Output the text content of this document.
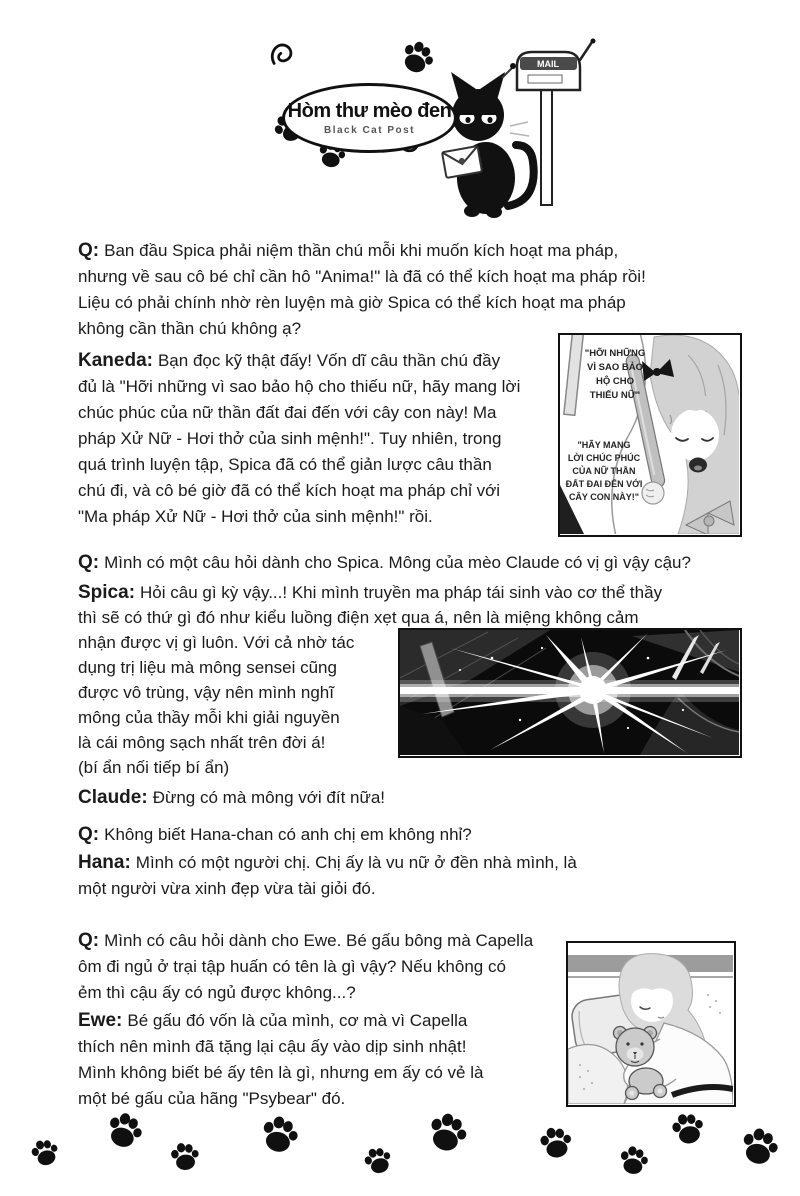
MAIL
Hòm thư mèo đen
Black Cat Post
Q: Ban đầu Spica phải niệm thần chú mỗi khi muốn kích hoạt ma pháp,
nhưng về sau cô bé chỉ cần hô "Anima!" là đã có thể kích hoạt ma pháp rồi!
Liệu có phải chính nhờ rèn luyện mà giờ Spica có thể kích hoạt ma pháp
không cần thần chú không ạ?
Kaneda: Bạn đọc kỹ thật đấy! Vốn dĩ câu thần chú đầy
đủ là "Hỡi những vì sao bảo hộ cho thiếu nữ, hãy mang lời
chúc phúc của nữ thần đất đai đến với cây con này! Ma
pháp Xử Nữ - Hơi thở của sinh mệnh!". Tuy nhiên, trong
quá trình luyện tập, Spica đã có thể giản lược câu thần
chú đi, và cô bé giờ đã có thể kích hoạt ma pháp chỉ với
"Ma pháp Xử Nữ - Hơi thở của sinh mệnh!" rồi.
"HỠI NHỮNG
VÌ SAO BẢO
HỘ CHO
THIẾU NỮ"
"HÃY MANG
LỜI CHÚC PHÚC
CỦA NỮ THẦN
ĐẤT ĐAI ĐẾN VỚI
CÂY CON NÀY!"
Q: Mình có một câu hỏi dành cho Spica. Mông của mèo Claude có vị gì vậy cậu?
Spica: Hỏi câu gì kỳ vậy...! Khi mình truyền ma pháp tái sinh vào cơ thể thầy
thì sẽ có thứ gì đó như kiểu luồng điện xẹt qua á, nên là miệng không cảm
nhận được vị gì luôn. Với cả nhờ tác
dụng trị liệu mà mông sensei cũng
được vô trùng, vậy nên mình nghĩ
mông của thầy mỗi khi giải nguyền
là cái mông sạch nhất trên đời á!
(bí ẩn nối tiếp bí ẩn)
Claude: Đừng có mà mông với đít nữa!
Q: Không biết Hana-chan có anh chị em không nhỉ?
Hana: Mình có một người chị. Chị ấy là vu nữ ở đền nhà mình, là
một người vừa xinh đẹp vừa tài giỏi đó.
Q: Mình có câu hỏi dành cho Ewe. Bé gấu bông mà Capella
ôm đi ngủ ở trại tập huấn có tên là gì vậy? Nếu không có
ẻm thì cậu ấy có ngủ được không...?
Ewe: Bé gấu đó vốn là của mình, cơ mà vì Capella
thích nên mình đã tặng lại cậu ấy vào dịp sinh nhật!
Mình không biết bé ấy tên là gì, nhưng em ấy có vẻ là
một bé gấu của hãng "Psybear" đó.
